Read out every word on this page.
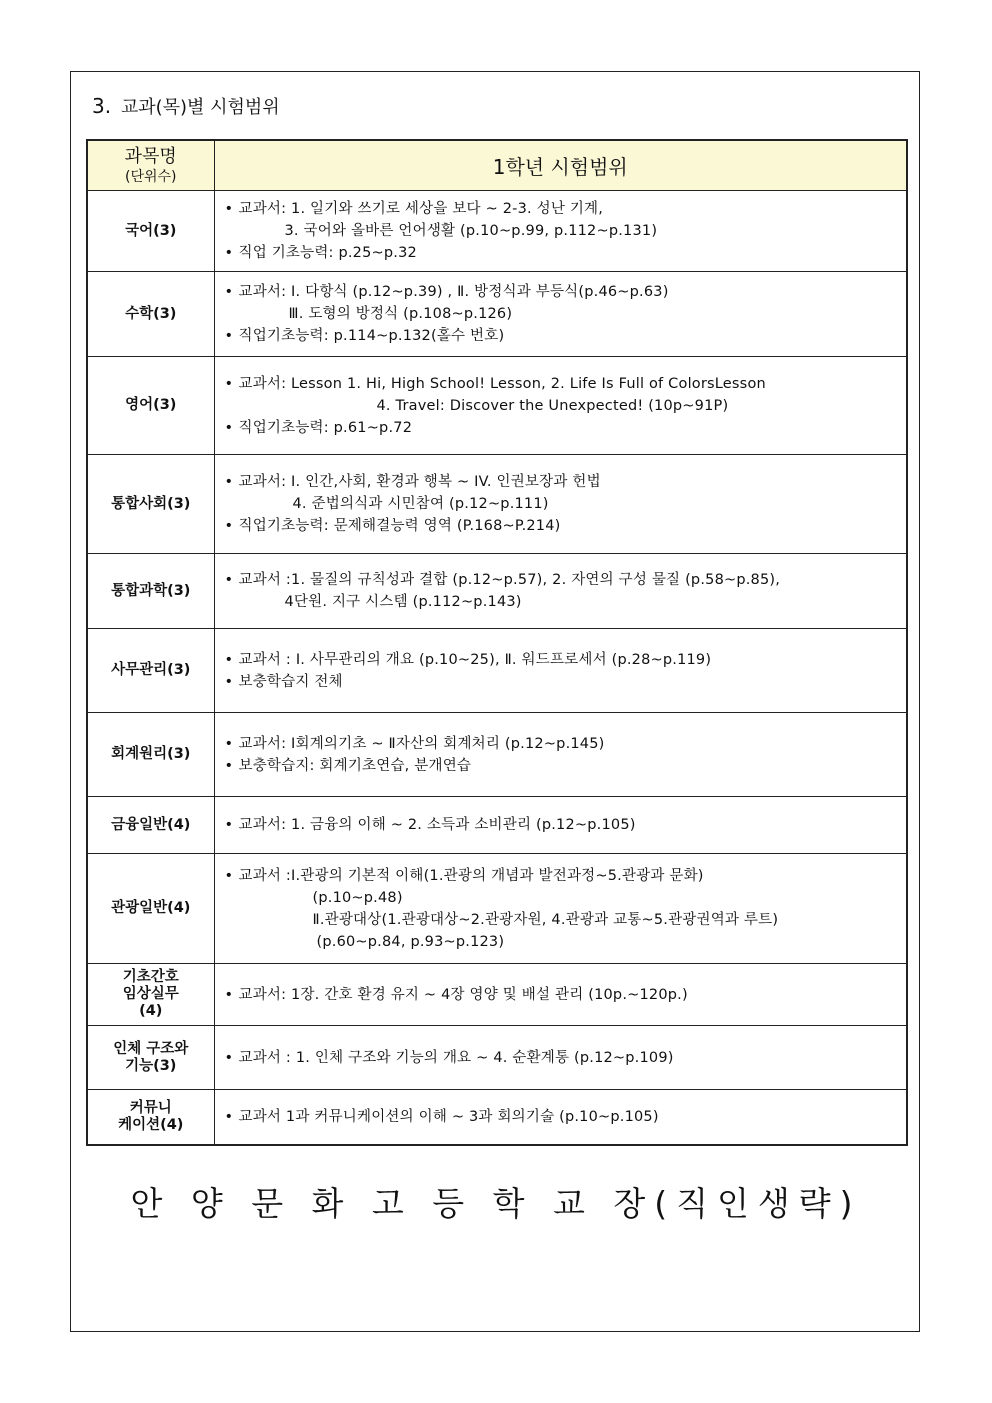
3. 교과(목)별 시험범위
과목명
(단위수)	1학년 시험범위

국어(3)	• 교과서: 1. 일기와 쓰기로 세상을 보다 ~ 2-3. 성난 기계,
3. 국어와 올바른 언어생활 (p.10~p.99, p.112~p.131)
• 직업 기초능력: p.25~p.32

수학(3)	• 교과서: Ⅰ. 다항식 (p.12~p.39) , Ⅱ. 방정식과 부등식(p.46~p.63)
Ⅲ. 도형의 방정식 (p.108~p.126)
• 직업기초능력: p.114~p.132(홀수 번호)

영어(3)	• 교과서: Lesson 1. Hi, High School! Lesson, 2. Life Is Full of ColorsLesson
4. Travel: Discover the Unexpected! (10p~91P)
• 직업기초능력: p.61~p.72

통합사회(3)	• 교과서: I. 인간,사회, 환경과 행복 ~ IV. 인권보장과 헌법
4. 준법의식과 시민참여 (p.12~p.111)
• 직업기초능력: 문제해결능력 영역 (P.168~P.214)

통합과학(3)	• 교과서 :1. 물질의 규칙성과 결합 (p.12~p.57), 2. 자연의 구성 물질 (p.58~p.85),
4단원. 지구 시스템 (p.112~p.143)

사무관리(3)	• 교과서 : Ⅰ. 사무관리의 개요 (p.10~25), Ⅱ. 워드프로세서 (p.28~p.119)
• 보충학습지 전체

회계원리(3)	• 교과서: Ⅰ회계의기초 ~ Ⅱ자산의 회계처리 (p.12~p.145)
• 보충학습지: 회계기초연습, 분개연습

금융일반(4)	• 교과서: 1. 금융의 이해 ~ 2. 소득과 소비관리 (p.12~p.105)

관광일반(4)	• 교과서 :Ⅰ.관광의 기본적 이해(1.관광의 개념과 발전과정~5.관광과 문화)
(p.10~p.48)
Ⅱ.관광대상(1.관광대상~2.관광자원, 4.관광과 교통~5.관광권역과 루트)
(p.60~p.84, p.93~p.123)

기초간호
임상실무
(4)	• 교과서: 1장. 간호 환경 유지 ~ 4장 영양 및 배설 관리 (10p.~120p.)

인체 구조와
기능(3)	• 교과서 : 1. 인체 구조와 기능의 개요 ~ 4. 순환계통 (p.12~p.109)

커뮤니
케이션(4)	• 교과서 1과 커뮤니케이션의 이해 ~ 3과 회의기술 (p.10~p.105)
안 양 문 화 고 등 학 교 장(직인생략)
